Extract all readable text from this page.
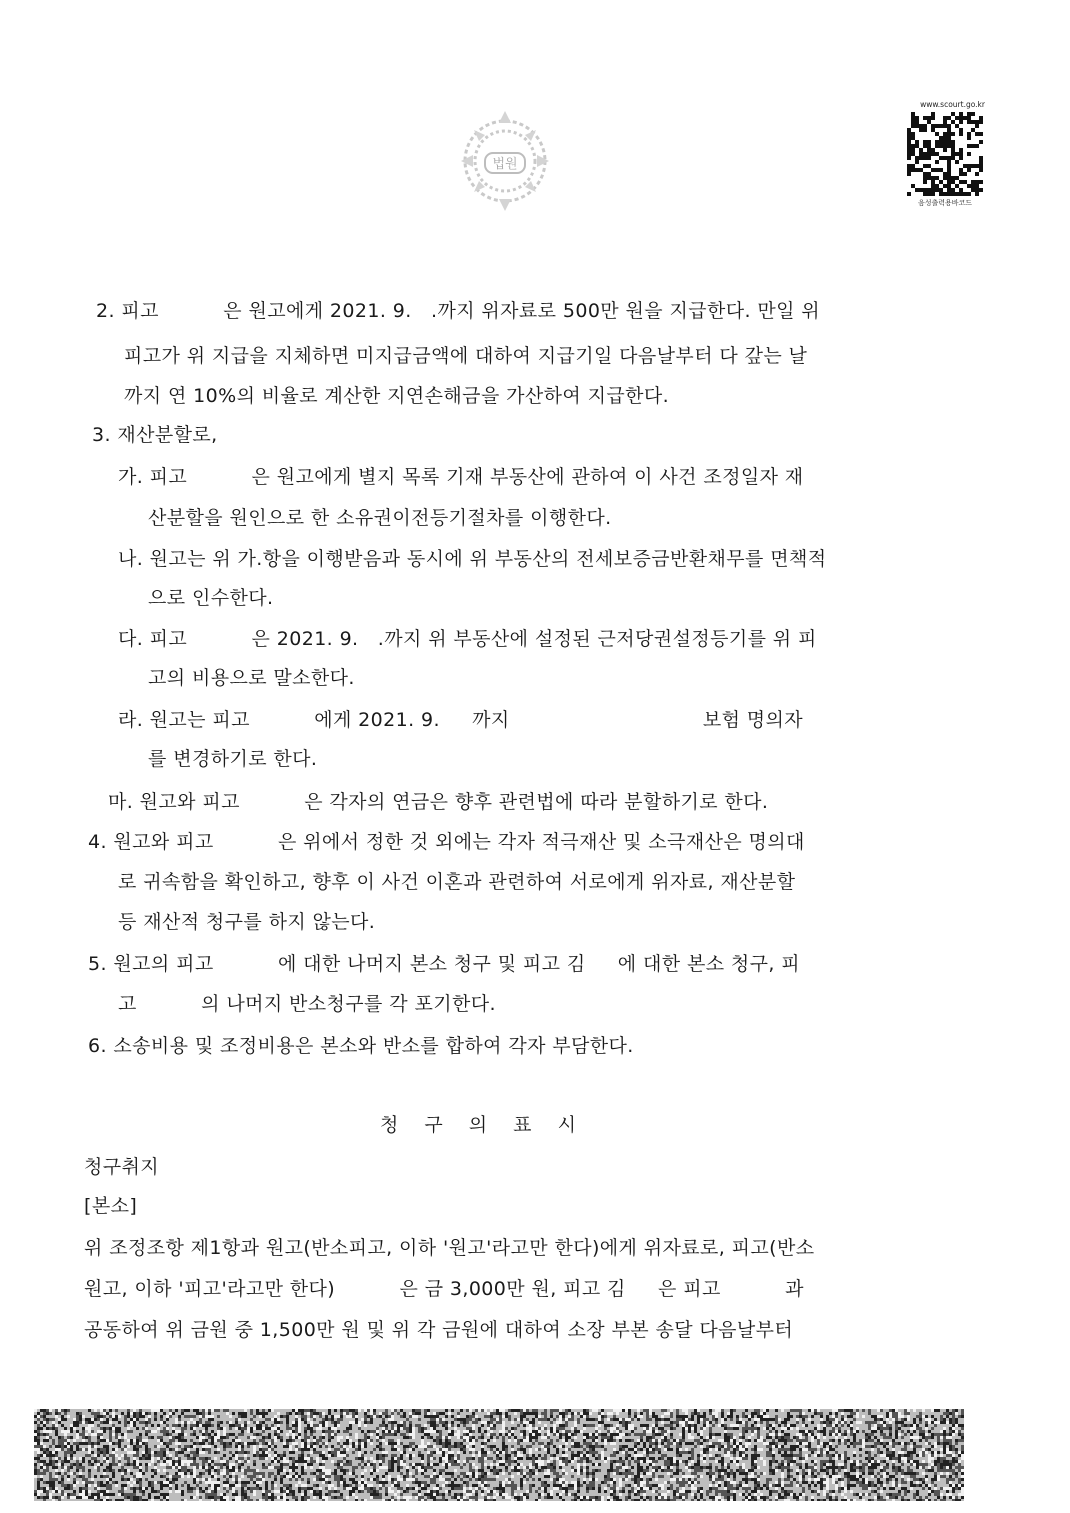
법원
www.scourt.go.kr
음성출력용바코드

2. 피고          은 원고에게 2021. 9.   .까지 위자료로 500만 원을 지급한다. 만일 위

피고가 위 지급을 지체하면 미지급금액에 대하여 지급기일 다음날부터 다 갚는 날

까지 연 10%의 비율로 계산한 지연손해금을 가산하여 지급한다.

3. 재산분할로,

가. 피고          은 원고에게 별지 목록 기재 부동산에 관하여 이 사건 조정일자 재

산분할을 원인으로 한 소유권이전등기절차를 이행한다.

나. 원고는 위 가.항을 이행받음과 동시에 위 부동산의 전세보증금반환채무를 면책적

으로 인수한다.

다. 피고          은 2021. 9.   .까지 위 부동산에 설정된 근저당권설정등기를 위 피

고의 비용으로 말소한다.

라. 원고는 피고          에게 2021. 9.     까지                              보험 명의자

를 변경하기로 한다.

마. 원고와 피고          은 각자의 연금은 향후 관련법에 따라 분할하기로 한다.

4. 원고와 피고          은 위에서 정한 것 외에는 각자 적극재산 및 소극재산은 명의대

로 귀속함을 확인하고, 향후 이 사건 이혼과 관련하여 서로에게 위자료, 재산분할

등 재산적 청구를 하지 않는다.

5. 원고의 피고          에 대한 나머지 본소 청구 및 피고 김     에 대한 본소 청구, 피

고          의 나머지 반소청구를 각 포기한다.

6. 소송비용 및 조정비용은 본소와 반소를 합하여 각자 부담한다.

청 구 의 표 시

청구취지

[본소]

위 조정조항 제1항과 원고(반소피고, 이하 '원고'라고만 한다)에게 위자료로, 피고(반소

원고, 이하 '피고'라고만 한다)          은 금 3,000만 원, 피고 김     은 피고          과

공동하여 위 금원 중 1,500만 원 및 위 각 금원에 대하여 소장 부본 송달 다음날부터
